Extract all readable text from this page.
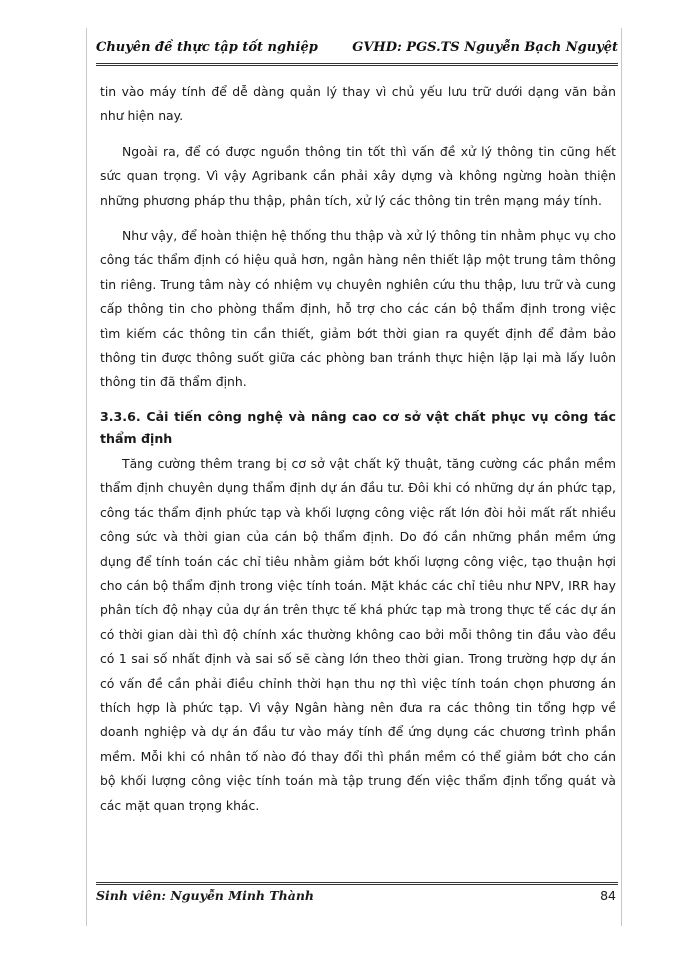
Chuyên đề thực tập tốt nghiệp	GVHD: PGS.TS Nguyễn Bạch Nguyệt

tin vào máy tính để dễ dàng quản lý thay vì chủ yếu lưu trữ dưới dạng văn bản như hiện nay.

Ngoài ra, để có được nguồn thông tin tốt thì vấn đề xử lý thông tin cũng hết sức quan trọng. Vì vậy Agribank cần phải xây dựng và không ngừng hoàn thiện những phương pháp thu thập, phân tích, xử lý các thông tin trên mạng máy tính.

Như vậy, để hoàn thiện hệ thống thu thập và xử lý thông tin nhằm phục vụ cho công tác thẩm định có hiệu quả hơn, ngân hàng nên thiết lập một trung tâm thông tin riêng. Trung tâm này có nhiệm vụ chuyên nghiên cứu thu thập, lưu trữ và cung cấp thông tin cho phòng thẩm định, hỗ trợ cho các cán bộ thẩm định trong việc tìm kiếm các thông tin cần thiết, giảm bớt thời gian ra quyết định để đảm bảo thông tin được thông suốt giữa các phòng ban tránh thực hiện lặp lại mà lấy luôn thông tin đã thẩm định.

3.3.6. Cải tiến công nghệ và nâng cao cơ sở vật chất phục vụ công tác thẩm định

Tăng cường thêm trang bị cơ sở vật chất kỹ thuật, tăng cường các phần mềm thẩm định chuyên dụng thẩm định dự án đầu tư. Đôi khi có những dự án phức tạp, công tác thẩm định phức tạp và khối lượng công việc rất lớn đòi hỏi mất rất nhiều công sức và thời gian của cán bộ thẩm định. Do đó cần những phần mềm ứng dụng để tính toán các chỉ tiêu nhằm giảm bớt khối lượng công việc, tạo thuận hợi cho cán bộ thẩm định trong việc tính toán. Mặt khác các chỉ tiêu như NPV, IRR hay phân tích độ nhạy của dự án trên thực tế khá phức tạp mà trong thực tế các dự án có thời gian dài thì độ chính xác thường không cao bởi mỗi thông tin đầu vào đều có 1 sai số nhất định và sai số sẽ càng lớn theo thời gian. Trong trường hợp dự án có vấn đề cần phải điều chỉnh thời hạn thu nợ thì việc tính toán chọn phương án thích hợp là phức tạp. Vì vậy Ngân hàng nên đưa ra các thông tin tổng hợp về doanh nghiệp và dự án đầu tư vào máy tính để ứng dụng các chương trình phần mềm. Mỗi khi có nhân tố nào đó thay đổi thì phần mềm có thể giảm bớt cho cán bộ khối lượng công việc tính toán mà tập trung đến việc thẩm định tổng quát và các mặt quan trọng khác.

Sinh viên: Nguyễn Minh Thành	84
